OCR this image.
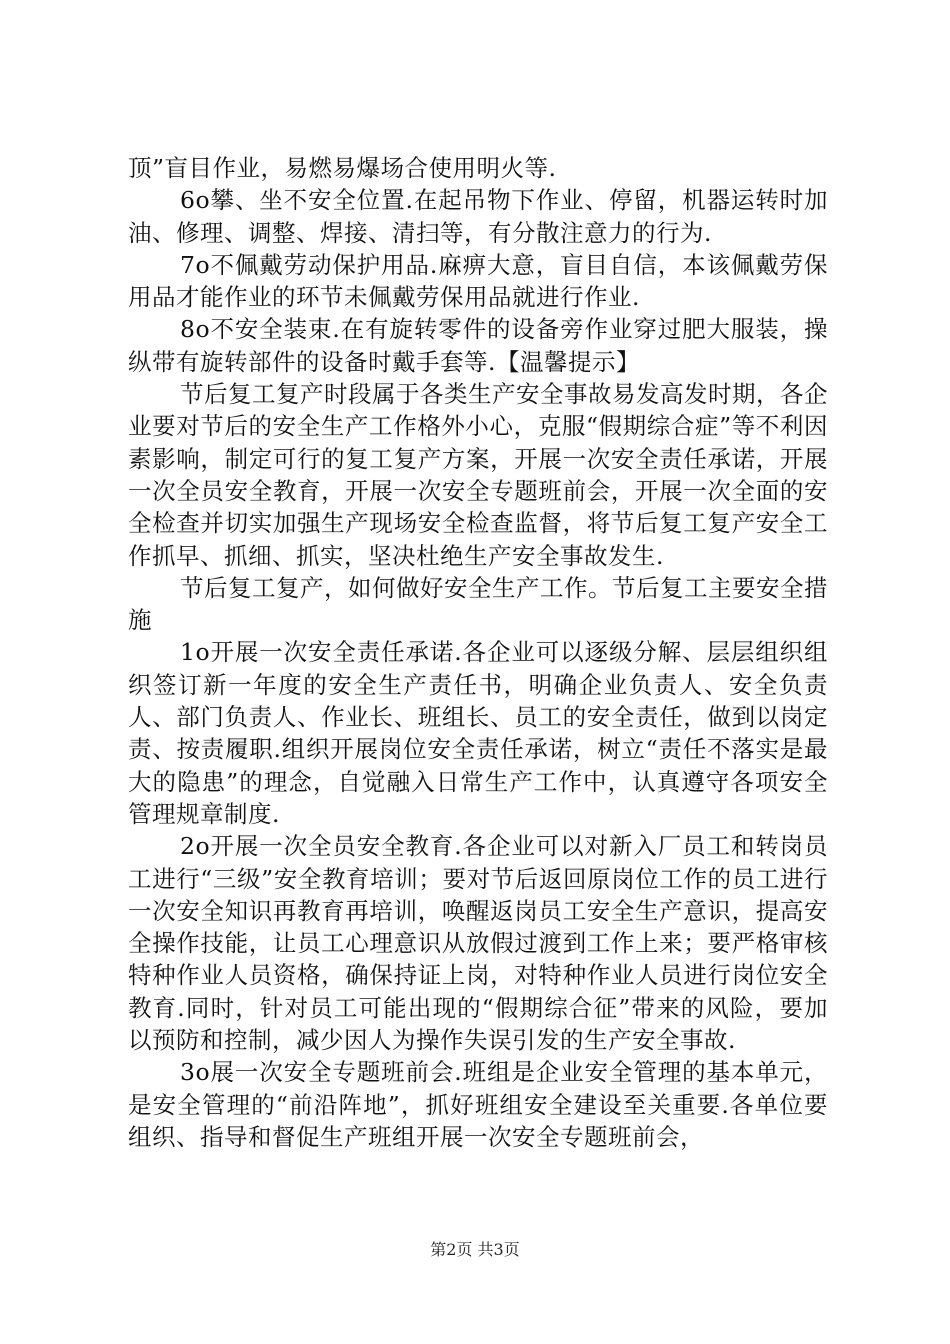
顶”盲目作业，易燃易爆场合使用明火等.

6o攀、坐不安全位置.在起吊物下作业、停留，机器运转时加油、修理、调整、焊接、清扫等，有分散注意力的行为.

7o不佩戴劳动保护用品.麻痹大意，盲目自信，本该佩戴劳保用品才能作业的环节未佩戴劳保用品就进行作业.

8o不安全装束.在有旋转零件的设备旁作业穿过肥大服装，操纵带有旋转部件的设备时戴手套等.【温馨提示】

节后复工复产时段属于各类生产安全事故易发高发时期，各企业要对节后的安全生产工作格外小心，克服“假期综合症”等不利因素影响，制定可行的复工复产方案，开展一次安全责任承诺，开展一次全员安全教育，开展一次安全专题班前会，开展一次全面的安全检查并切实加强生产现场安全检查监督，将节后复工复产安全工作抓早、抓细、抓实，坚决杜绝生产安全事故发生.

节后复工复产，如何做好安全生产工作。节后复工主要安全措施

1o开展一次安全责任承诺.各企业可以逐级分解、层层组织组织签订新一年度的安全生产责任书，明确企业负责人、安全负责人、部门负责人、作业长、班组长、员工的安全责任，做到以岗定责、按责履职.组织开展岗位安全责任承诺，树立“责任不落实是最大的隐患”的理念，自觉融入日常生产工作中，认真遵守各项安全管理规章制度.

2o开展一次全员安全教育.各企业可以对新入厂员工和转岗员工进行“三级”安全教育培训；要对节后返回原岗位工作的员工进行一次安全知识再教育再培训，唤醒返岗员工安全生产意识，提高安全操作技能，让员工心理意识从放假过渡到工作上来；要严格审核特种作业人员资格，确保持证上岗，对特种作业人员进行岗位安全教育.同时，针对员工可能出现的“假期综合征”带来的风险，要加以预防和控制，减少因人为操作失误引发的生产安全事故.

3o展一次安全专题班前会.班组是企业安全管理的基本单元，是安全管理的“前沿阵地”，抓好班组安全建设至关重要.各单位要组织、指导和督促生产班组开展一次安全专题班前会，

第2页 共3页
